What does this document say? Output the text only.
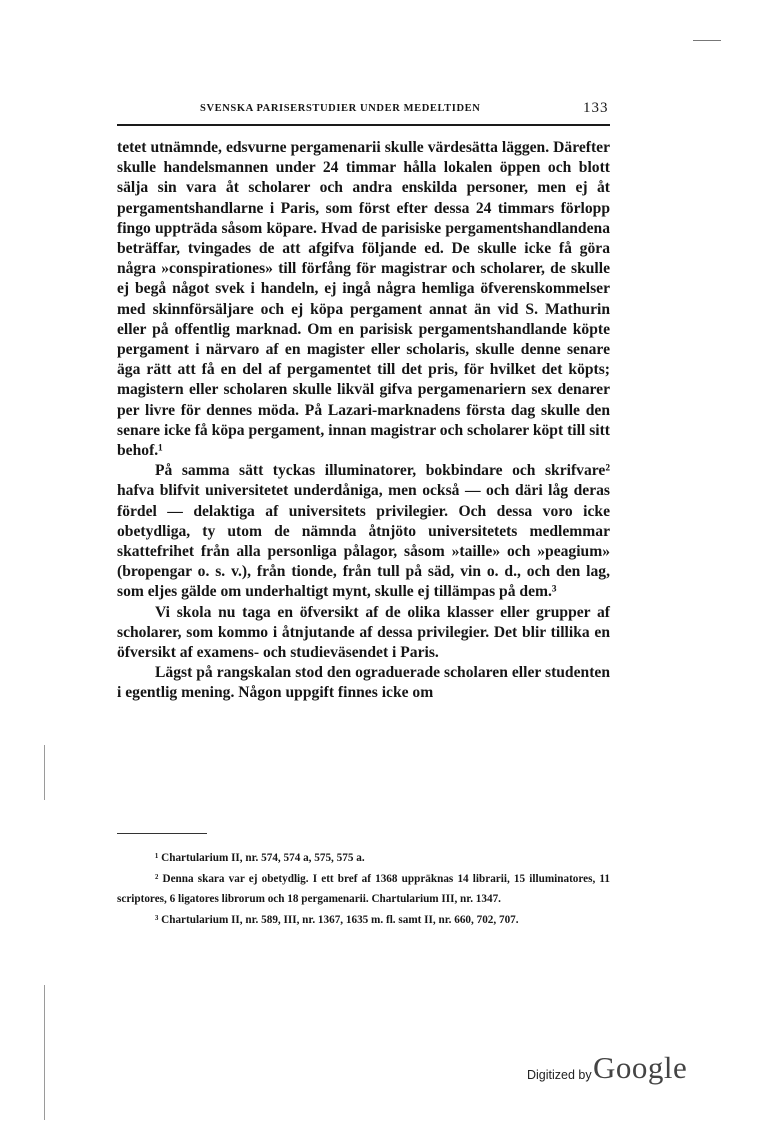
SVENSKA PARISERSTUDIER UNDER MEDELTIDEN	133

tetet utnämnde, edsvurne pergamenarii skulle värdesätta läggen. Därefter skulle handelsmannen under 24 timmar hålla lokalen öppen och blott sälja sin vara åt scholarer och andra enskilda personer, men ej åt pergamentshandlarne i Paris, som först efter dessa 24 timmars förlopp fingo uppträda såsom köpare. Hvad de parisiske pergamentshandlandena beträffar, tvingades de att afgifva följande ed. De skulle icke få göra några »conspirationes» till förfång för magistrar och scholarer, de skulle ej begå något svek i handeln, ej ingå några hemliga öfverenskommelser med skinnförsäljare och ej köpa pergament annat än vid S. Mathurin eller på offentlig marknad. Om en parisisk pergamentshandlande köpte pergament i närvaro af en magister eller scholaris, skulle denne senare äga rätt att få en del af pergamentet till det pris, för hvilket det köpts; magistern eller scholaren skulle likväl gifva pergamenariern sex denarer per livre för dennes möda. På Lazari-marknadens första dag skulle den senare icke få köpa pergament, innan magistrar och scholarer köpt till sitt behof.¹

På samma sätt tyckas illuminatorer, bokbindare och skrifvare² hafva blifvit universitetet underdåniga, men också — och däri låg deras fördel — delaktiga af universitets privilegier. Och dessa voro icke obetydliga, ty utom de nämnda åtnjöto universitetets medlemmar skattefrihet från alla personliga pålagor, såsom »taille» och »peagium» (bropengar o. s. v.), från tionde, från tull på säd, vin o. d., och den lag, som eljes gälde om underhaltigt mynt, skulle ej tillämpas på dem.³

Vi skola nu taga en öfversikt af de olika klasser eller grupper af scholarer, som kommo i åtnjutande af dessa privilegier. Det blir tillika en öfversikt af examens- och studieväsendet i Paris.

Lägst på rangskalan stod den ograduerade scholaren eller studenten i egentlig mening. Någon uppgift finnes icke om

¹ Chartularium II, nr. 574, 574 a, 575, 575 a.

² Denna skara var ej obetydlig. I ett bref af 1368 uppräknas 14 librarii, 15 illuminatores, 11 scriptores, 6 ligatores librorum och 18 pergamenarii. Chartularium III, nr. 1347.

³ Chartularium II, nr. 589, III, nr. 1367, 1635 m. fl. samt II, nr. 660, 702, 707.

Digitized by Google
